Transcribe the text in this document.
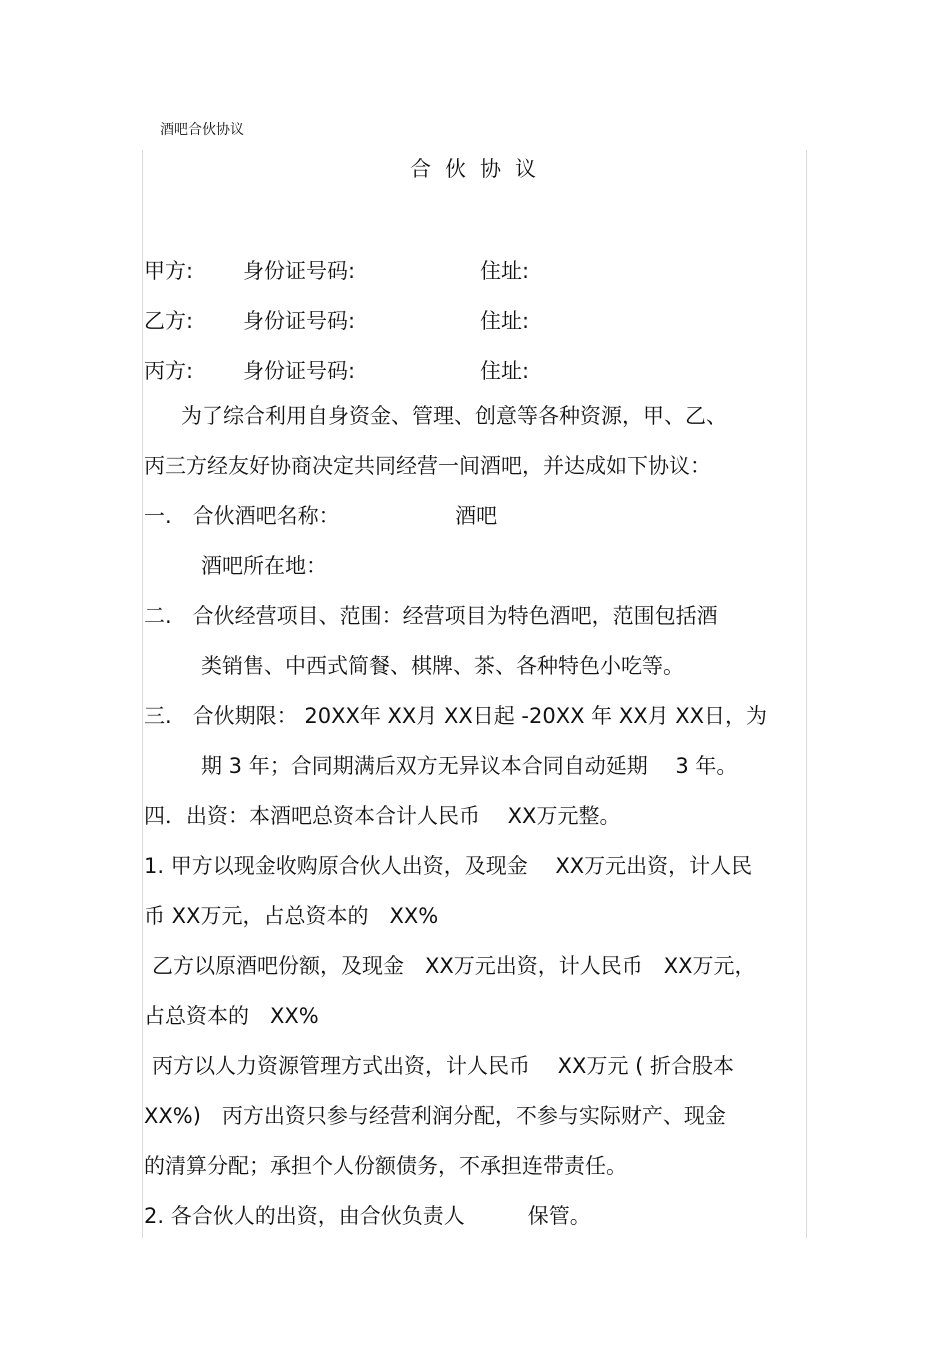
酒吧合伙协议
合伙协议
甲方: 身份证号码:	住址:
乙方: 身份证号码:	住址:
丙方: 身份证号码:	住址:
为了综合利用自身资金、管理、创意等各种资源，甲、乙、
丙三方经友好协商决定共同经营一间酒吧，并达成如下协议：
一.　合伙酒吧名称：　　　　　　酒吧
酒吧所在地：
二.　合伙经营项目、范围：经营项目为特色酒吧，范围包括酒
类销售、中西式简餐、棋牌、茶、各种特色小吃等。
三.　合伙期限： 20XX年 XX月 XX日起 -20XX 年 XX月 XX日，为
期 3 年；合同期满后双方无异议本合同自动延期　 3 年。
四．出资：本酒吧总资本合计人民币　 XX万元整。
1. 甲方以现金收购原合伙人出资，及现金　 XX万元出资，计人民
币 XX万元，占总资本的　XX%
乙方以原酒吧份额，及现金　XX万元出资，计人民币　XX万元，
占总资本的　XX%
丙方以人力资源管理方式出资，计人民币　 XX万元 ( 折合股本
XX%)　丙方出资只参与经营利润分配，不参与实际财产、现金
的清算分配；承担个人份额债务，不承担连带责任。
2. 各合伙人的出资，由合伙负责人　　　保管。
